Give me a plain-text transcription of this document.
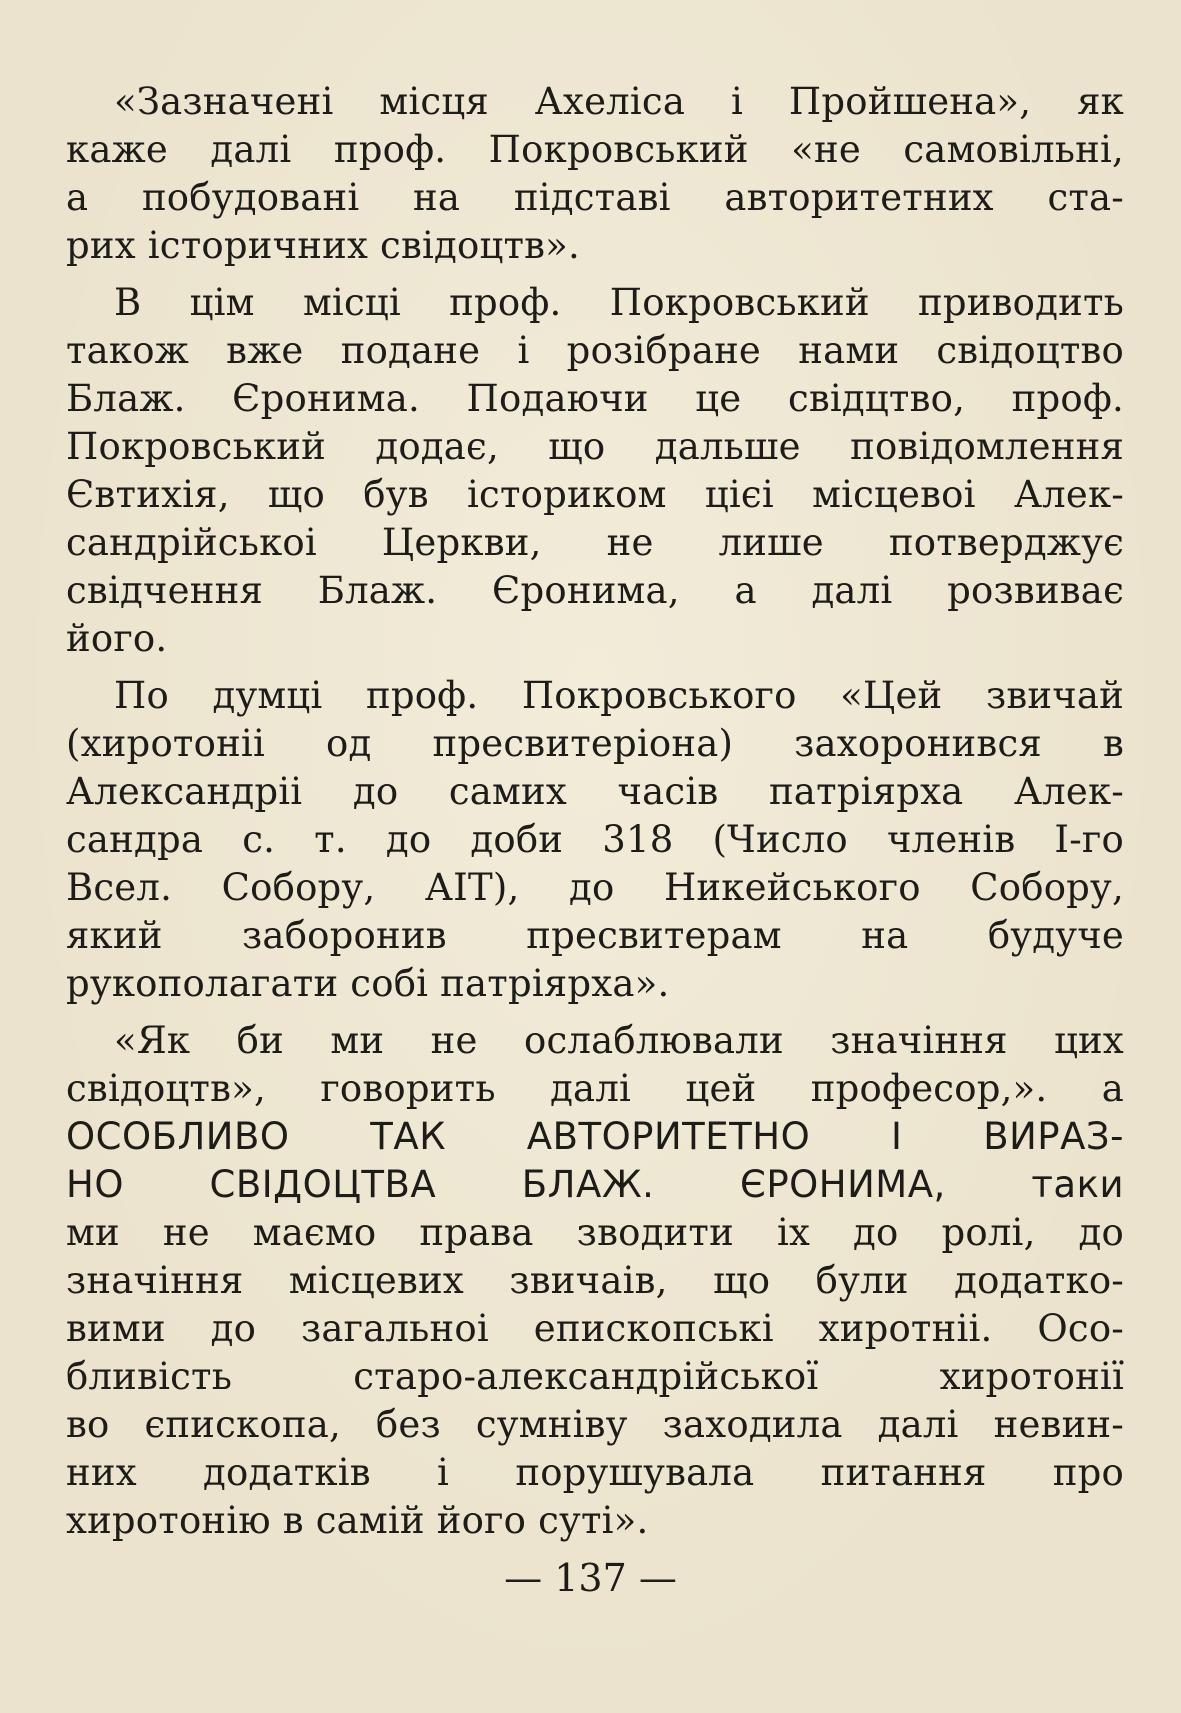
«Зазначені місця Ахеліса і Пройшена», як
каже далі проф. Покровський «не самовільні,
а побудовані на підставі авторитетних ста-
рих історичних свідоцтв».

В цім місці проф. Покровський приводить
також вже подане і розібране нами свідоцтво
Блаж. Єронима. Подаючи це свідцтво, проф.
Покровський додає, що дальше повідомлення
Євтихія, що був істориком цієі місцевоі Алек-
сандрійськоі Церкви, не лише потверджує
свідчення Блаж. Єронима, а далі розвиває
його.

По думці проф. Покровського «Цей звичай
(хиротоніі од пресвитеріона) захоронився в
Александріі до самих часів патріярха Алек-
сандра с. т. до доби 318 (Число членів І-го
Всел. Собору, АІТ), до Никейського Собору,
який заборонив пресвитерам на будуче
рукополагати собі патріярха».

«Як би ми не ослаблювали значіння цих
свідоцтв», говорить далі цей професор,». а
ОСОБЛИВО ТАК АВТОРИТЕТНО І ВИРАЗ-
НО СВІДОЦТВА БЛАЖ. ЄРОНИМА, таки
ми не маємо права зводити іх до ролі, до
значіння місцевих звичаів, що були додатко-
вими до загальноі епископські хиротніі. Осо-
бливість старо-александрійської хиротонії
во єпископа, без сумніву заходила далі невин-
них додатків і порушувала питання про
хиротонію в самій його суті».

— 137 —
